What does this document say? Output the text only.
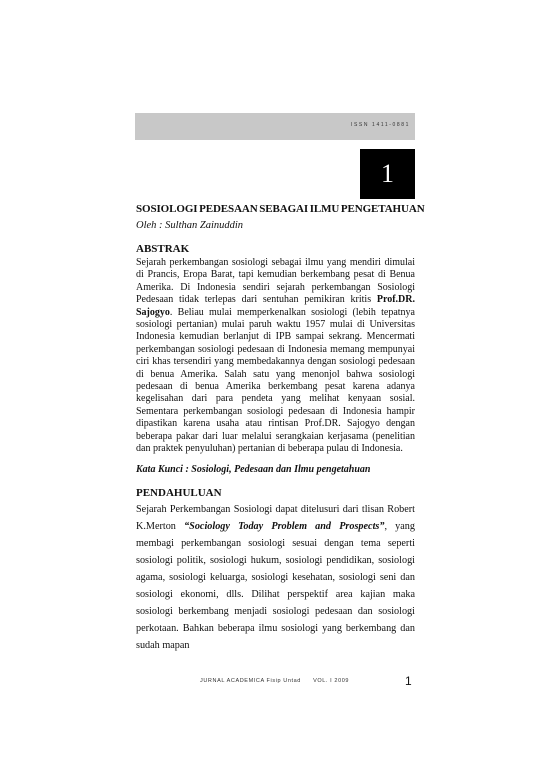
ISSN 1411-0881
1
SOSIOLOGI PEDESAAN SEBAGAI ILMU PENGETAHUAN
Oleh : Sulthan Zainuddin
ABSTRAK

Sejarah perkembangan sosiologi sebagai ilmu yang mendiri dimulai di Prancis, Eropa Barat, tapi kemudian berkembang pesat di Benua Amerika. Di Indonesia sendiri sejarah perkembangan Sosiologi Pedesaan tidak terlepas dari sentuhan pemikiran kritis Prof.DR. Sajogyo. Beliau mulai memperkenalkan sosiologi (lebih tepatnya sosiologi pertanian) mulai paruh waktu 1957 mulai di Universitas Indonesia kemudian berlanjut di IPB sampai sekrang. Mencermati perkembangan sosiologi pedesaan di Indonesia memang mempunyai ciri khas tersendiri yang membedakannya dengan sosiologi pedesaan di benua Amerika. Salah satu yang menonjol bahwa sosiologi pedesaan di benua Amerika berkembang pesat karena adanya kegelisahan dari para pendeta yang melihat kenyaan sosial. Sementara perkembangan sosiologi pedesaan di Indonesia hampir dipastikan karena usaha atau rintisan Prof.DR. Sajogyo dengan beberapa pakar dari luar melalui serangkaian kerjasama (penelitian dan praktek penyuluhan) pertanian di beberapa pulau di Indonesia.

Kata Kunci : Sosiologi, Pedesaan dan Ilmu pengetahuan
PENDAHULUAN

Sejarah Perkembangan Sosiologi dapat ditelusuri dari tlisan Robert K.Merton “Sociology Today Problem and Prospects”, yang membagi perkembangan sosiologi sesuai dengan tema seperti sosiologi politik, sosiologi hukum, sosiologi pendidikan, sosiologi agama, sosiologi keluarga, sosiologi kesehatan, sosiologi seni dan sosiologi ekonomi, dlls. Dilihat perspektif area kajian maka sosiologi berkembang menjadi sosiologi pedesaan dan sosiologi perkotaan. Bahkan beberapa ilmu sosiologi yang berkembang dan sudah mapan

JURNAL ACADEMICA Fisip Untad VOL. I 2009	1
